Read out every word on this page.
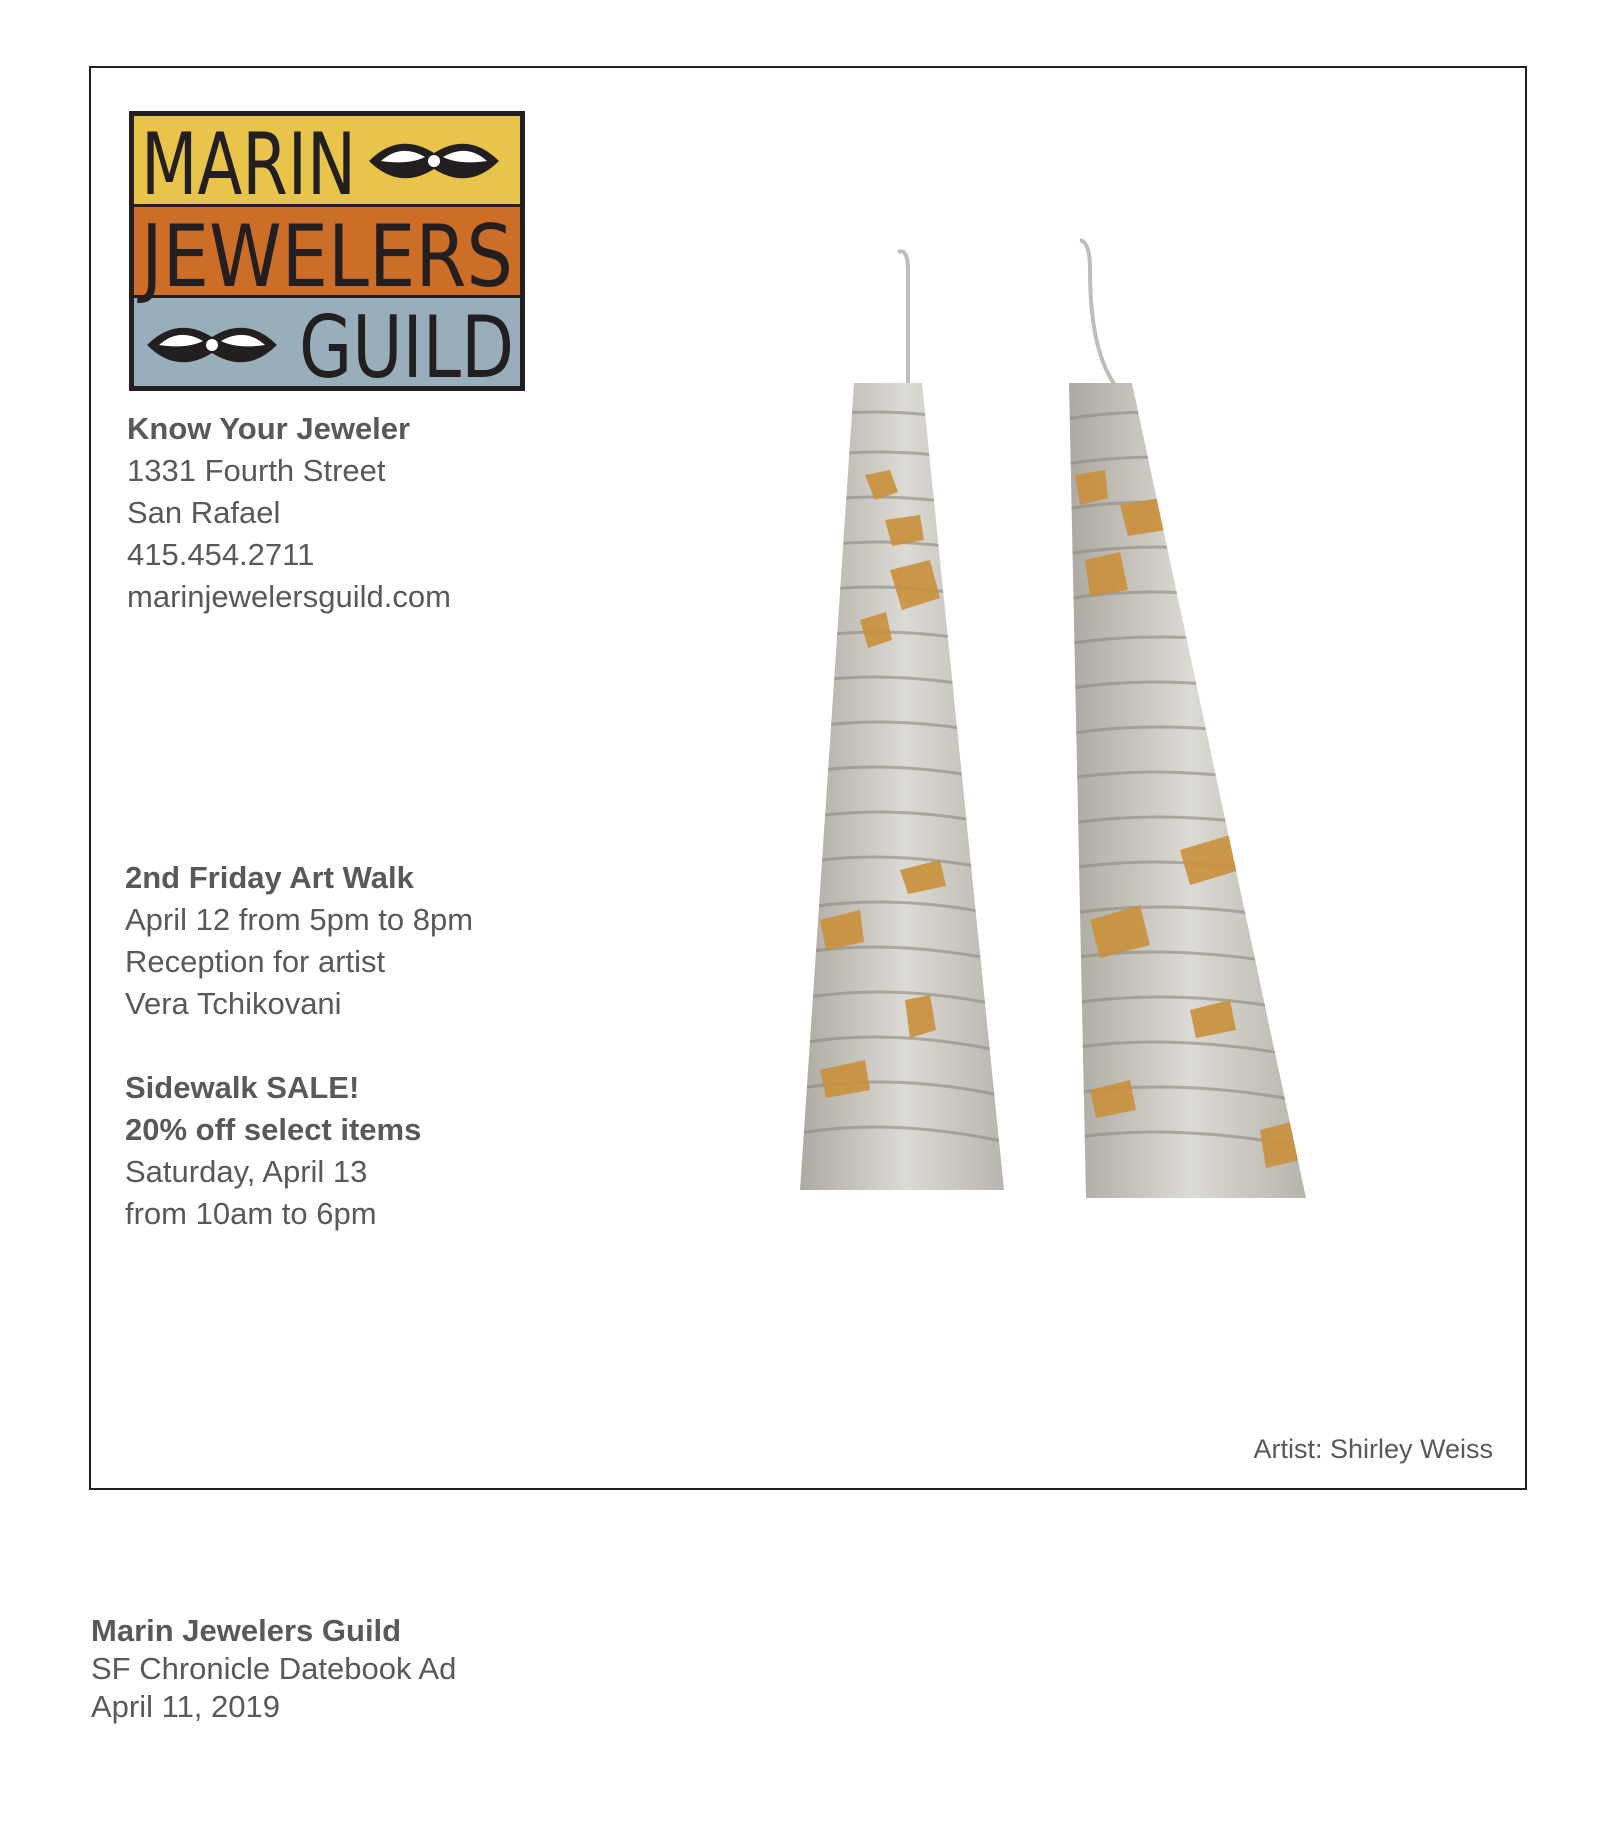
MARIN
JEWELERS
GUILD
Know Your Jeweler
1331 Fourth Street
San Rafael
415.454.2711
marinjewelersguild.com
2nd Friday Art Walk
April 12 from 5pm to 8pm
Reception for artist
Vera Tchikovani
Sidewalk SALE!
20% off select items
Saturday, April 13
from 10am to 6pm
Artist: Shirley Weiss
Marin Jewelers Guild
SF Chronicle Datebook Ad
April 11, 2019
